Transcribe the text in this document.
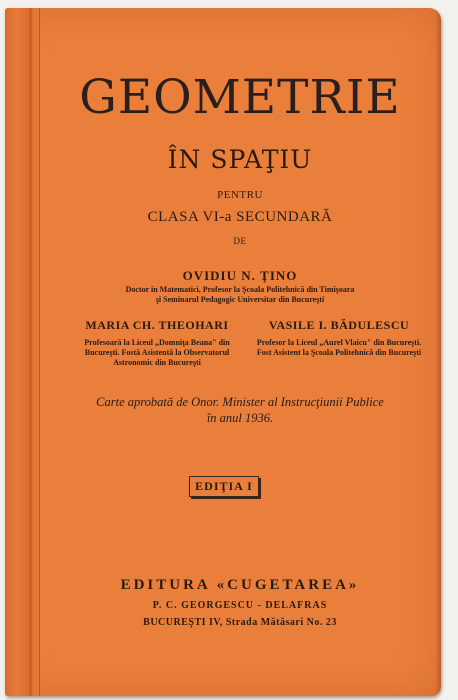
GEOMETRIE
ÎN SPAŢIU
PENTRU
CLASA VI-a SECUNDARĂ
DE
OVIDIU N. ŢINO
Doctor în Matematici, Profesor la Şcoala Politehnică din Timişoara
şi Seminarul Pedagogic Universitar din Bucureşti
MARIA CH. THEOHARI
Profesoară la Liceul „Domniţa Beana" din Bucureşti. Fostă Asistentă la Observatorul Astronomic din Bucureşti
VASILE I. BĂDULESCU
Profesor la Liceul „Aurel Vlaicu" din Bucureşti. Fost Asistent la Şcoala Politehnică din Bucureşti
Carte aprobată de Onor. Minister al Instrucţiunii Publice
în anul 1936.
EDIŢIA I
EDITURA «CUGETAREA»
P. C. GEORGESCU - DELAFRAS
BUCUREŞTI IV, Strada Mătăsari No. 23
